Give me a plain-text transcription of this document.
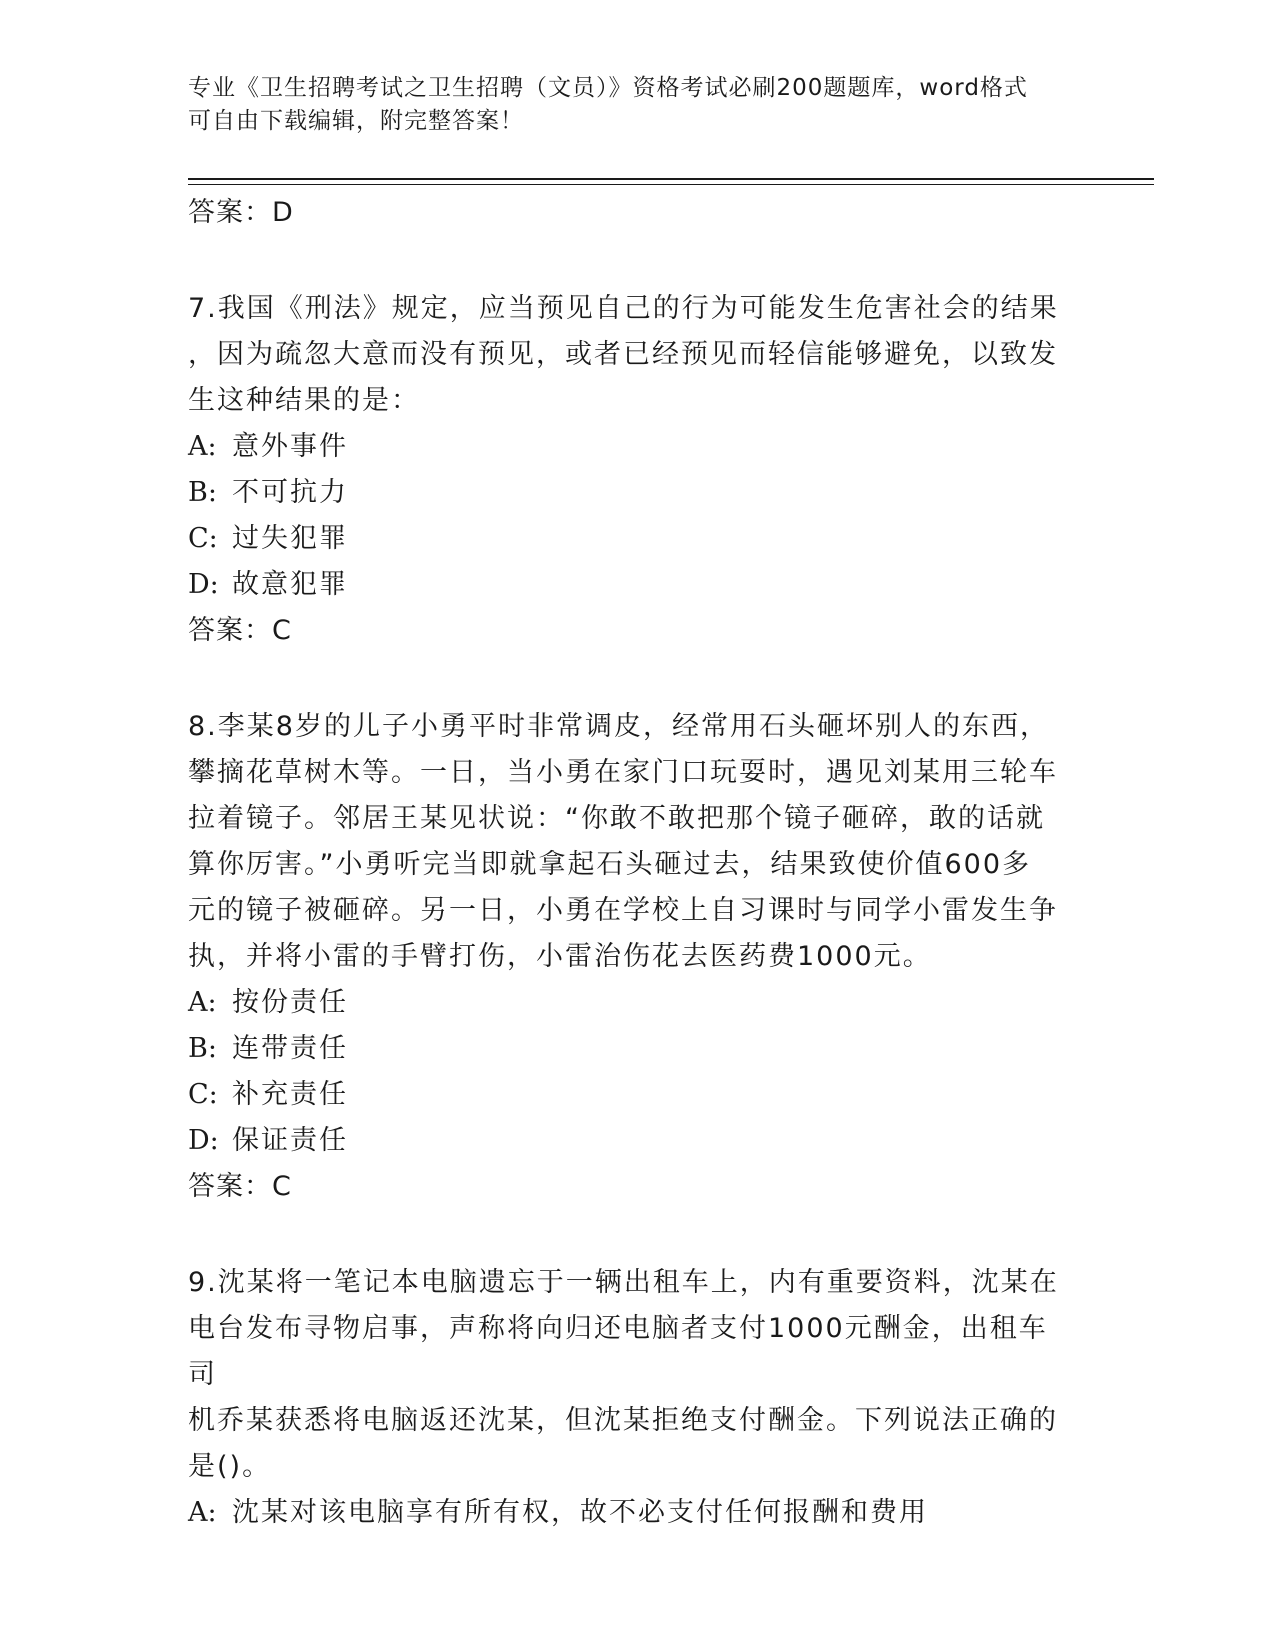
专业《卫生招聘考试之卫生招聘（文员）》资格考试必刷200题题库，word格式
可自由下载编辑，附完整答案！
答案：D
7.我国《刑法》规定，应当预见自己的行为可能发生危害社会的结果
，因为疏忽大意而没有预见，或者已经预见而轻信能够避免，以致发
生这种结果的是：
A: 意外事件
B: 不可抗力
C: 过失犯罪
D: 故意犯罪
答案：C
8.李某8岁的儿子小勇平时非常调皮，经常用石头砸坏别人的东西，
攀摘花草树木等。一日，当小勇在家门口玩耍时，遇见刘某用三轮车
拉着镜子。邻居王某见状说：“你敢不敢把那个镜子砸碎，敢的话就
算你厉害。”小勇听完当即就拿起石头砸过去，结果致使价值600多
元的镜子被砸碎。另一日，小勇在学校上自习课时与同学小雷发生争
执，并将小雷的手臂打伤，小雷治伤花去医药费1000元。
A: 按份责任
B: 连带责任
C: 补充责任
D: 保证责任
答案：C
9.沈某将一笔记本电脑遗忘于一辆出租车上，内有重要资料，沈某在
电台发布寻物启事，声称将向归还电脑者支付1000元酬金，出租车司
机乔某获悉将电脑返还沈某，但沈某拒绝支付酬金。下列说法正确的
是()。
A: 沈某对该电脑享有所有权，故不必支付任何报酬和费用
